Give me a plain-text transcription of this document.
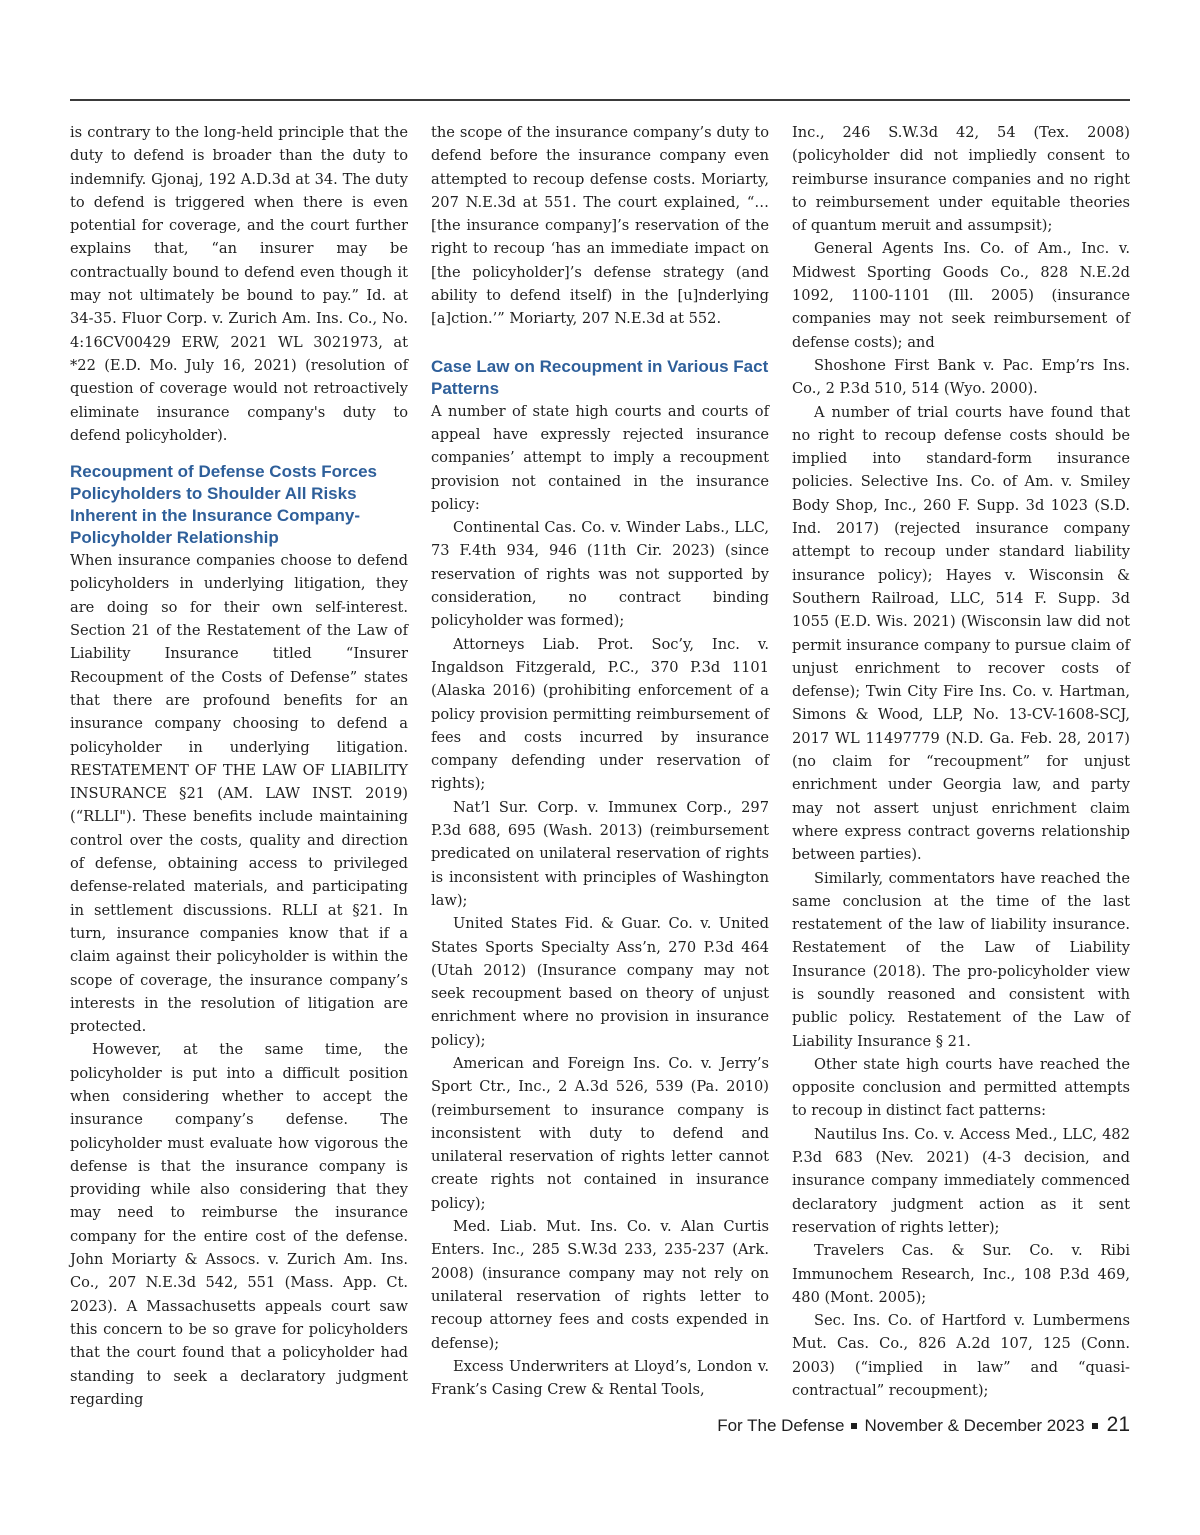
is contrary to the long-held principle that the duty to defend is broader than the duty to indemnify. Gjonaj, 192 A.D.3d at 34. The duty to defend is triggered when there is even potential for coverage, and the court further explains that, “an insurer may be contractually bound to defend even though it may not ultimately be bound to pay.” Id. at 34-35. Fluor Corp. v. Zurich Am. Ins. Co., No. 4:16CV00429 ERW, 2021 WL 3021973, at *22 (E.D. Mo. July 16, 2021) (resolution of question of coverage would not retroactively eliminate insurance company's duty to defend policyholder).

Recoupment of Defense Costs Forces Policyholders to Shoulder All Risks Inherent in the Insurance Company-Policyholder Relationship

When insurance companies choose to defend policyholders in underlying litigation, they are doing so for their own self-interest. Section 21 of the Restatement of the Law of Liability Insurance titled “Insurer Recoupment of the Costs of Defense” states that there are profound benefits for an insurance company choosing to defend a policyholder in underlying litigation. RESTATEMENT OF THE LAW OF LIABILITY INSURANCE §21 (AM. LAW INST. 2019) (“RLLI"). These benefits include maintaining control over the costs, quality and direction of defense, obtaining access to privileged defense-related materials, and participating in settlement discussions. RLLI at §21. In turn, insurance companies know that if a claim against their policyholder is within the scope of coverage, the insurance company’s interests in the resolution of litigation are protected.

However, at the same time, the policyholder is put into a difficult position when considering whether to accept the insurance company’s defense. The policyholder must evaluate how vigorous the defense is that the insurance company is providing while also considering that they may need to reimburse the insurance company for the entire cost of the defense. John Moriarty & Assocs. v. Zurich Am. Ins. Co., 207 N.E.3d 542, 551 (Mass. App. Ct. 2023). A Massachusetts appeals court saw this concern to be so grave for policyholders that the court found that a policyholder had standing to seek a declaratory judgment regarding

the scope of the insurance company’s duty to defend before the insurance company even attempted to recoup defense costs. Moriarty, 207 N.E.3d at 551. The court explained, “…[the insurance company]’s reservation of the right to recoup ‘has an immediate impact on [the policyholder]’s defense strategy (and ability to defend itself) in the [u]nderlying [a]ction.’” Moriarty, 207 N.E.3d at 552.

Case Law on Recoupment in Various Fact Patterns

A number of state high courts and courts of appeal have expressly rejected insurance companies’ attempt to imply a recoupment provision not contained in the insurance policy:

Continental Cas. Co. v. Winder Labs., LLC, 73 F.4th 934, 946 (11th Cir. 2023) (since reservation of rights was not supported by consideration, no contract binding policyholder was formed);

Attorneys Liab. Prot. Soc’y, Inc. v. Ingaldson Fitzgerald, P.C., 370 P.3d 1101 (Alaska 2016) (prohibiting enforcement of a policy provision permitting reimbursement of fees and costs incurred by insurance company defending under reservation of rights);

Nat’l Sur. Corp. v. Immunex Corp., 297 P.3d 688, 695 (Wash. 2013) (reimbursement predicated on unilateral reservation of rights is inconsistent with principles of Washington law);

United States Fid. & Guar. Co. v. United States Sports Specialty Ass’n, 270 P.3d 464 (Utah 2012) (Insurance company may not seek recoupment based on theory of unjust enrichment where no provision in insurance policy);

American and Foreign Ins. Co. v. Jerry’s Sport Ctr., Inc., 2 A.3d 526, 539 (Pa. 2010) (reimbursement to insurance company is inconsistent with duty to defend and unilateral reservation of rights letter cannot create rights not contained in insurance policy);

Med. Liab. Mut. Ins. Co. v. Alan Curtis Enters. Inc., 285 S.W.3d 233, 235-237 (Ark. 2008) (insurance company may not rely on unilateral reservation of rights letter to recoup attorney fees and costs expended in defense);

Excess Underwriters at Lloyd’s, London v. Frank’s Casing Crew & Rental Tools,

Inc., 246 S.W.3d 42, 54 (Tex. 2008) (policyholder did not impliedly consent to reimburse insurance companies and no right to reimbursement under equitable theories of quantum meruit and assumpsit);

General Agents Ins. Co. of Am., Inc. v. Midwest Sporting Goods Co., 828 N.E.2d 1092, 1100-1101 (Ill. 2005) (insurance companies may not seek reimbursement of defense costs); and

Shoshone First Bank v. Pac. Emp’rs Ins. Co., 2 P.3d 510, 514 (Wyo. 2000).

A number of trial courts have found that no right to recoup defense costs should be implied into standard-form insurance policies. Selective Ins. Co. of Am. v. Smiley Body Shop, Inc., 260 F. Supp. 3d 1023 (S.D. Ind. 2017) (rejected insurance company attempt to recoup under standard liability insurance policy); Hayes v. Wisconsin & Southern Railroad, LLC, 514 F. Supp. 3d 1055 (E.D. Wis. 2021) (Wisconsin law did not permit insurance company to pursue claim of unjust enrichment to recover costs of defense); Twin City Fire Ins. Co. v. Hartman, Simons & Wood, LLP, No. 13-CV-1608-SCJ, 2017 WL 11497779 (N.D. Ga. Feb. 28, 2017) (no claim for “recoupment” for unjust enrichment under Georgia law, and party may not assert unjust enrichment claim where express contract governs relationship between parties).

Similarly, commentators have reached the same conclusion at the time of the last restatement of the law of liability insurance. Restatement of the Law of Liability Insurance (2018). The pro-policyholder view is soundly reasoned and consistent with public policy. Restatement of the Law of Liability Insurance § 21.

Other state high courts have reached the opposite conclusion and permitted attempts to recoup in distinct fact patterns:

Nautilus Ins. Co. v. Access Med., LLC, 482 P.3d 683 (Nev. 2021) (4-3 decision, and insurance company immediately commenced declaratory judgment action as it sent reservation of rights letter);

Travelers Cas. & Sur. Co. v. Ribi Immunochem Research, Inc., 108 P.3d 469, 480 (Mont. 2005);

Sec. Ins. Co. of Hartford v. Lumbermens Mut. Cas. Co., 826 A.2d 107, 125 (Conn. 2003) (“implied in law” and “quasi-contractual” recoupment);

For The Defense November & December 2023 21
